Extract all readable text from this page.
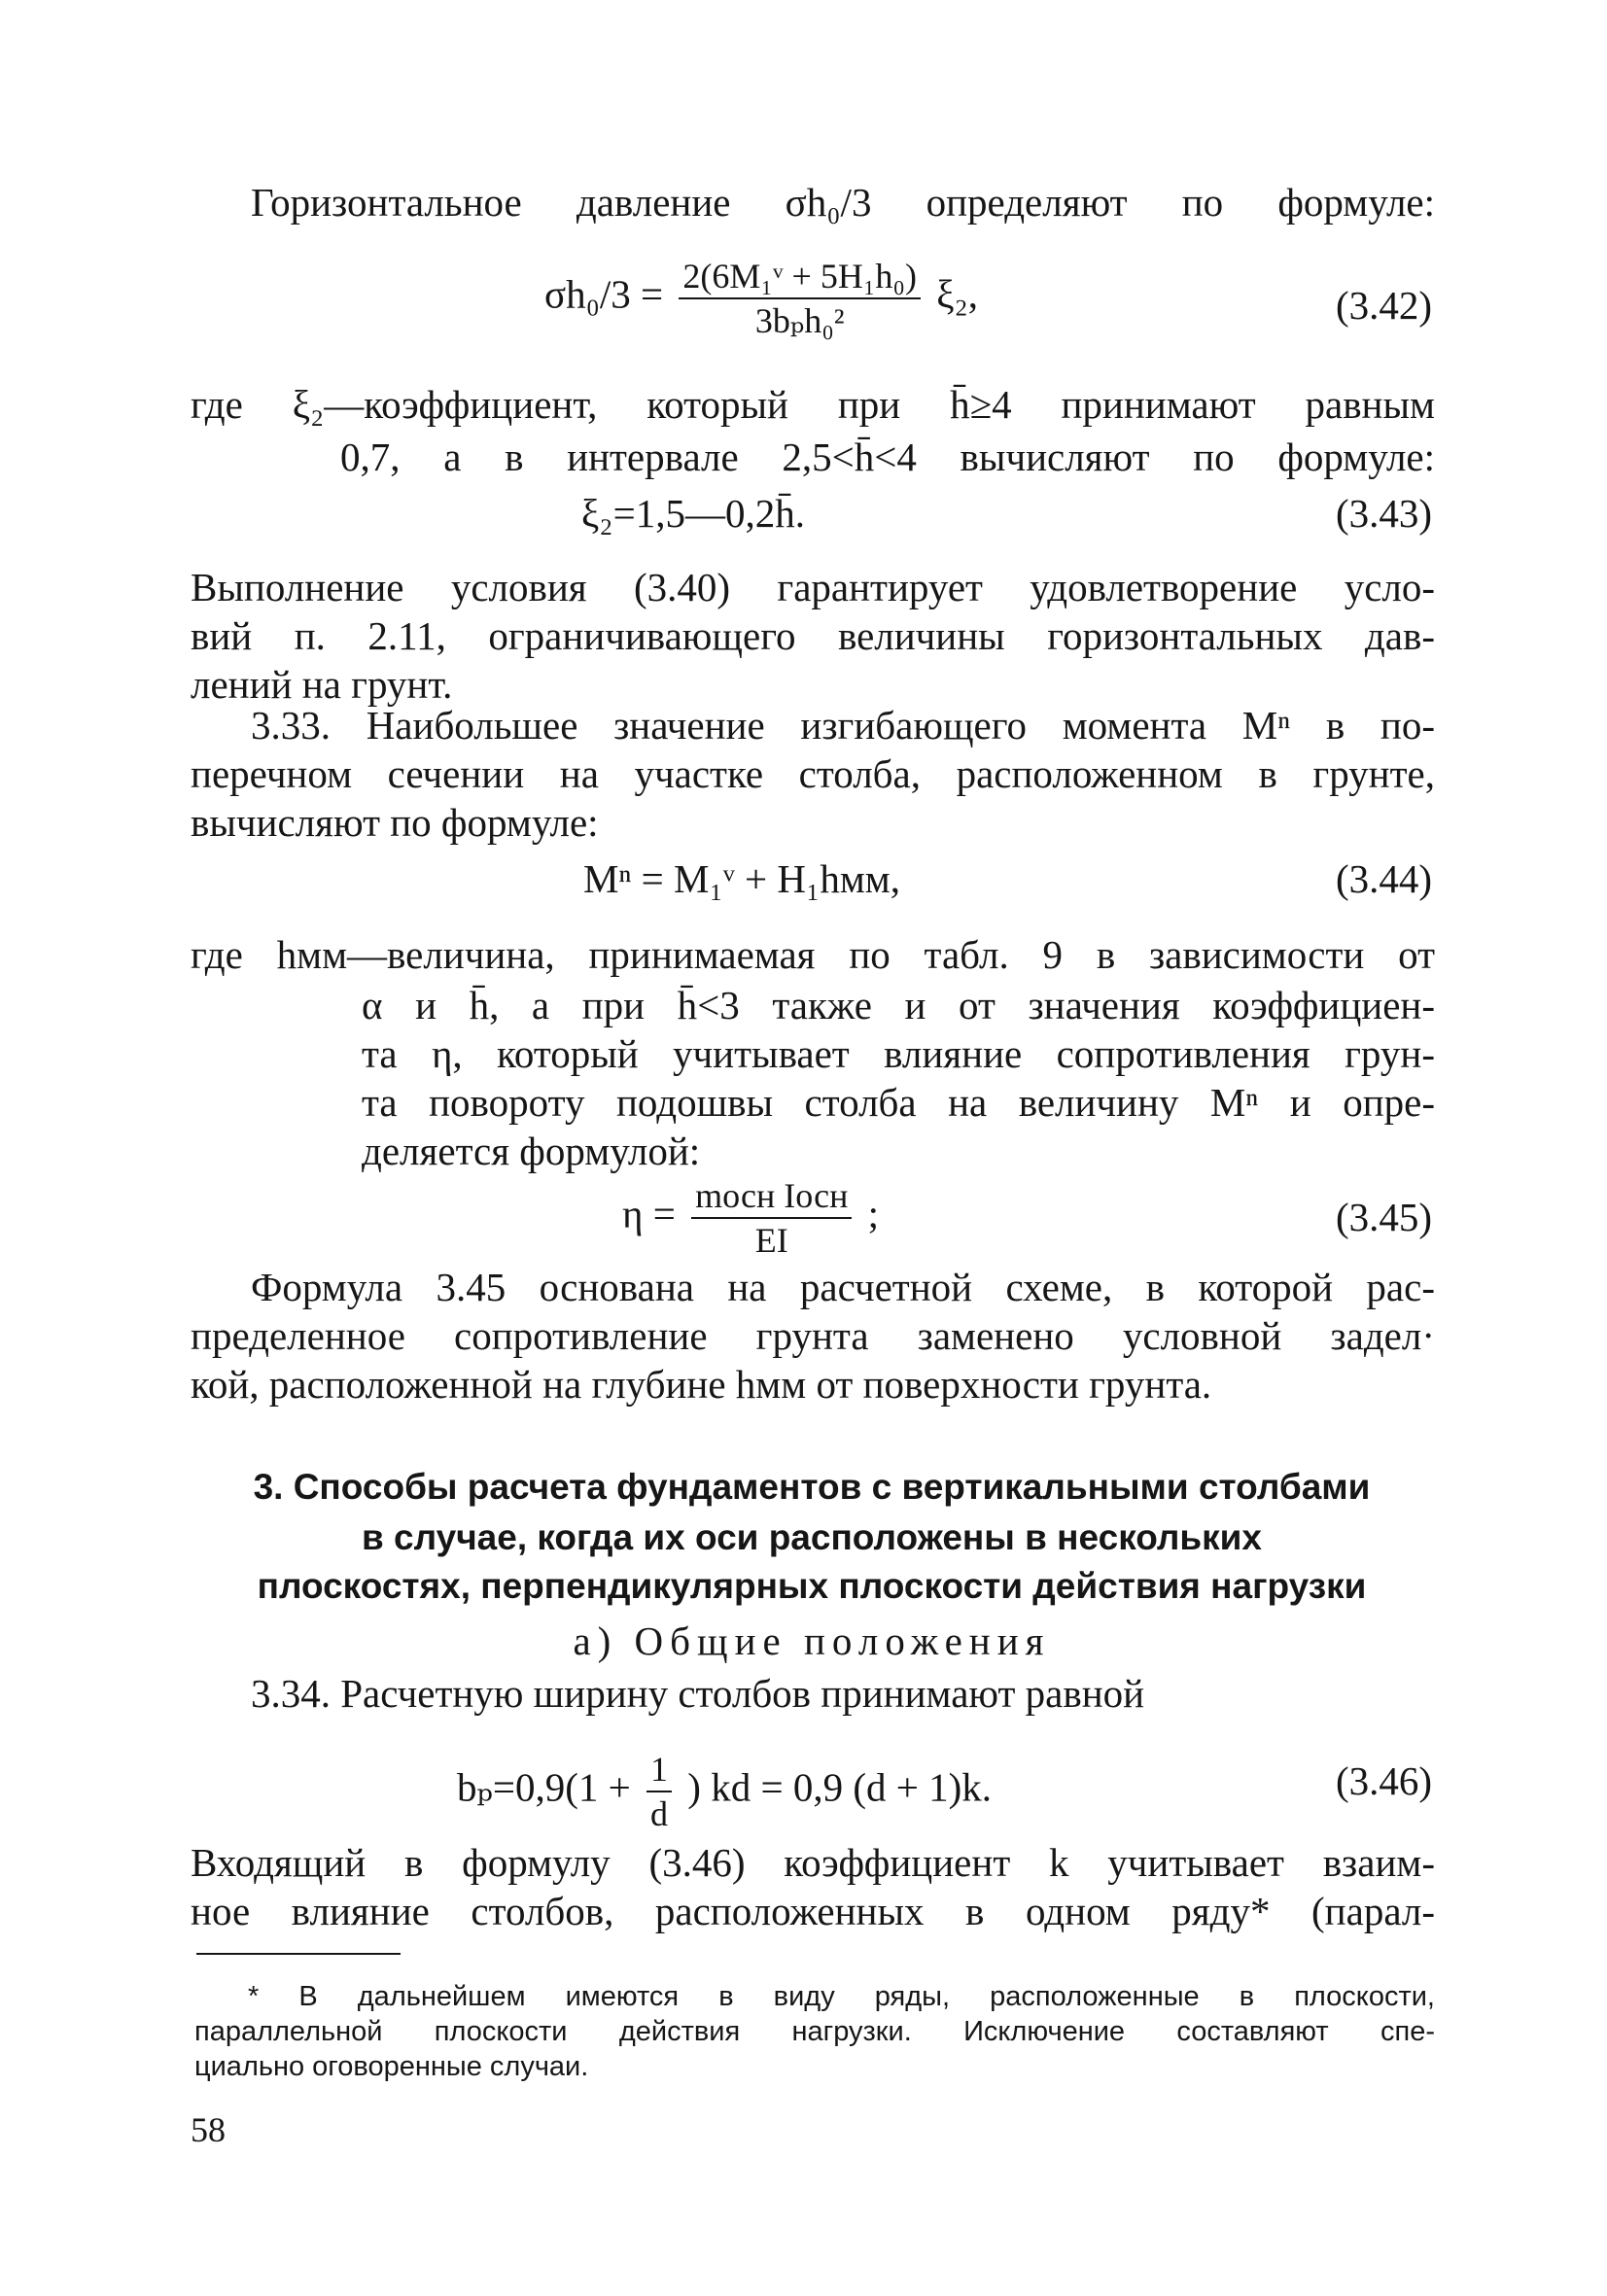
Горизонтальное давление σh₀/3 определяют по формуле:
$\sigma h_0/3 = \frac{\text{2(6M₁ᵛ + 5H₁h₀)}}{\text{3bₚh₀²}} \xi_2$,	(3.42)
где ξ₂—коэффициент, который при h̄≥4 принимают равным
0,7, а в интервале 2,5<h̄<4 вычисляют по формуле:
ξ₂=1,5—0,2h̄.	(3.43)
Выполнение условия (3.40) гарантирует удовлетворение усло-
вий п. 2.11, ограничивающего величины горизонтальных дав-
лений на грунт.
3.33. Наибольшее значение изгибающего момента Mⁿ в по-
перечном сечении на участке столба, расположенном в грунте,
вычисляют по формуле:
Mⁿ = M₁ᵛ + H₁hмм,	(3.44)
где hмм—величина, принимаемая по табл. 9 в зависимости от
α и h̄, а при h̄<3 также и от значения коэффициен-
та η, который учитывает влияние сопротивления грун-
та повороту подошвы столба на величину Mⁿ и опре-
деляется формулой:
$\eta = \frac{\text{mосн Iосн}}{EI}$ ;	(3.45)
Формула 3.45 основана на расчетной схеме, в которой рас-
пределенное сопротивление грунта заменено условной задел·
кой, расположенной на глубине hмм от поверхности грунта.
3. Способы расчета фундаментов с вертикальными столбами
в случае, когда их оси расположены в нескольких
плоскостях, перпендикулярных плоскости действия нагрузки
а) Общие положения
3.34. Расчетную ширину столбов принимают равной
$b_p=0,9(1 + \frac{1}{d}$ ) kd = 0,9 (d + 1)k.	(3.46)
Входящий в формулу (3.46) коэффициент k учитывает взаим-
ное влияние столбов, расположенных в одном ряду* (парал-
* В дальнейшем имеются в виду ряды, расположенные в плоскости,
параллельной плоскости действия нагрузки. Исключение составляют спе-
циально оговоренные случаи.
58
